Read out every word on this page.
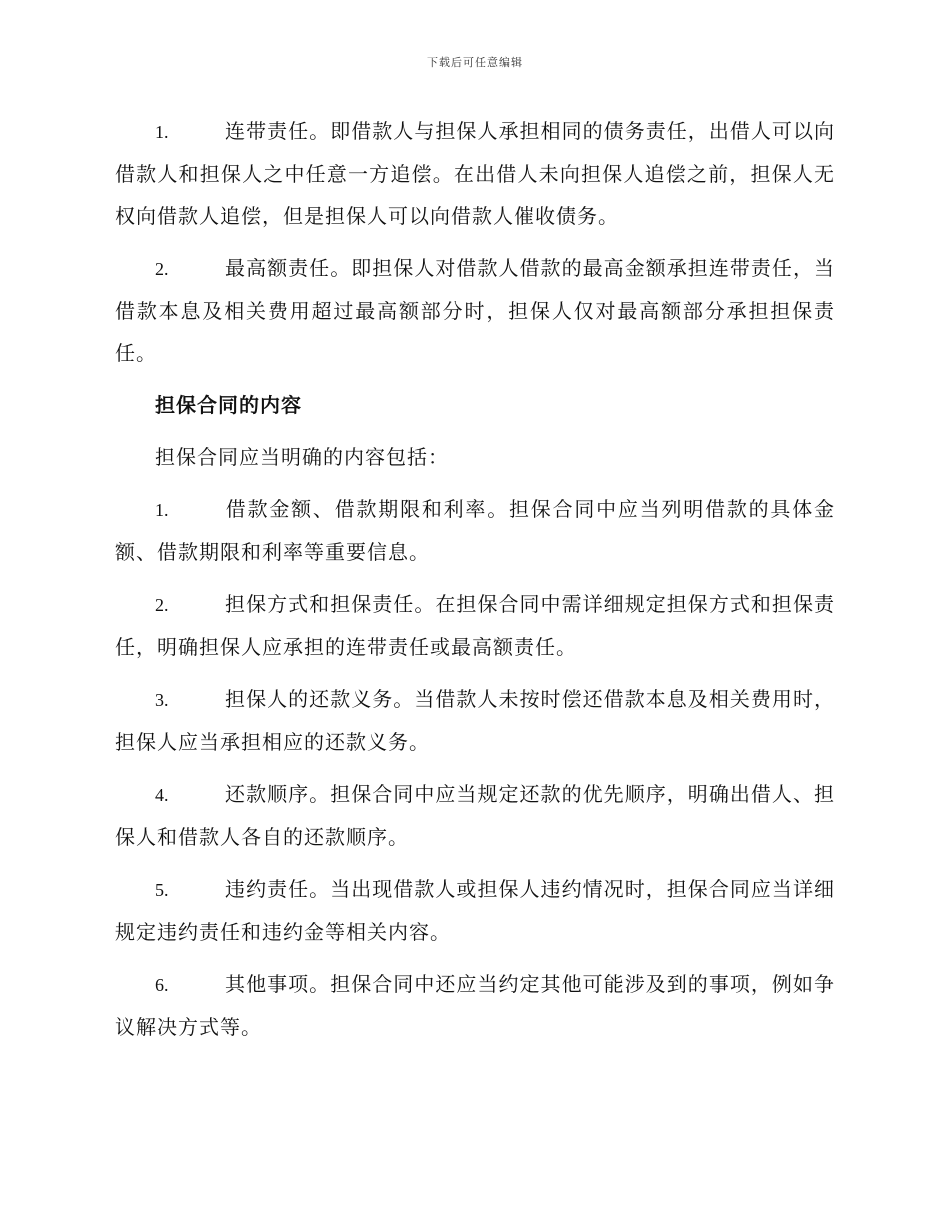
下载后可任意编辑

1.	连带责任。即借款人与担保人承担相同的债务责任，出借人可以向借款人和担保人之中任意一方追偿。在出借人未向担保人追偿之前，担保人无权向借款人追偿，但是担保人可以向借款人催收债务。

2.	最高额责任。即担保人对借款人借款的最高金额承担连带责任，当借款本息及相关费用超过最高额部分时，担保人仅对最高额部分承担担保责任。

担保合同的内容

担保合同应当明确的内容包括：

1.	借款金额、借款期限和利率。担保合同中应当列明借款的具体金额、借款期限和利率等重要信息。

2.	担保方式和担保责任。在担保合同中需详细规定担保方式和担保责任，明确担保人应承担的连带责任或最高额责任。

3.	担保人的还款义务。当借款人未按时偿还借款本息及相关费用时，担保人应当承担相应的还款义务。

4.	还款顺序。担保合同中应当规定还款的优先顺序，明确出借人、担保人和借款人各自的还款顺序。

5.	违约责任。当出现借款人或担保人违约情况时，担保合同应当详细规定违约责任和违约金等相关内容。

6.	其他事项。担保合同中还应当约定其他可能涉及到的事项，例如争议解决方式等。
